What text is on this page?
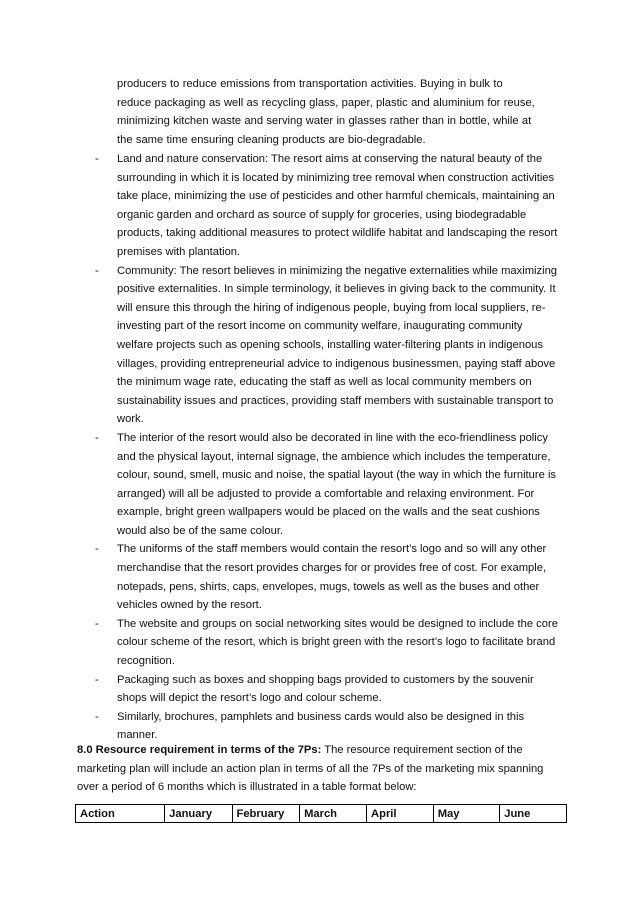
producers to reduce emissions from transportation activities. Buying in bulk to
reduce packaging as well as recycling glass, paper, plastic and aluminium for reuse,
minimizing kitchen waste and serving water in glasses rather than in bottle, while at
the same time ensuring cleaning products are bio-degradable.
- Land and nature conservation: The resort aims at conserving the natural beauty of the surrounding in which it is located by minimizing tree removal when construction activities take place, minimizing the use of pesticides and other harmful chemicals, maintaining an organic garden and orchard as source of supply for groceries, using biodegradable products, taking additional measures to protect wildlife habitat and landscaping the resort premises with plantation.
- Community: The resort believes in minimizing the negative externalities while maximizing positive externalities. In simple terminology, it believes in giving back to the community. It will ensure this through the hiring of indigenous people, buying from local suppliers, re-investing part of the resort income on community welfare, inaugurating community welfare projects such as opening schools, installing water-filtering plants in indigenous villages, providing entrepreneurial advice to indigenous businessmen, paying staff above the minimum wage rate, educating the staff as well as local community members on sustainability issues and practices, providing staff members with sustainable transport to work.
- The interior of the resort would also be decorated in line with the eco-friendliness policy and the physical layout, internal signage, the ambience which includes the temperature, colour, sound, smell, music and noise, the spatial layout (the way in which the furniture is arranged) will all be adjusted to provide a comfortable and relaxing environment. For example, bright green wallpapers would be placed on the walls and the seat cushions would also be of the same colour.
- The uniforms of the staff members would contain the resort’s logo and so will any other merchandise that the resort provides charges for or provides free of cost. For example, notepads, pens, shirts, caps, envelopes, mugs, towels as well as the buses and other vehicles owned by the resort.
- The website and groups on social networking sites would be designed to include the core colour scheme of the resort, which is bright green with the resort’s logo to facilitate brand recognition.
- Packaging such as boxes and shopping bags provided to customers by the souvenir shops will depict the resort’s logo and colour scheme.
- Similarly, brochures, pamphlets and business cards would also be designed in this manner.

8.0 Resource requirement in terms of the 7Ps: The resource requirement section of the marketing plan will include an action plan in terms of all the 7Ps of the marketing mix spanning over a period of 6 months which is illustrated in a table format below:

Action	January	February	March	April	May	June
